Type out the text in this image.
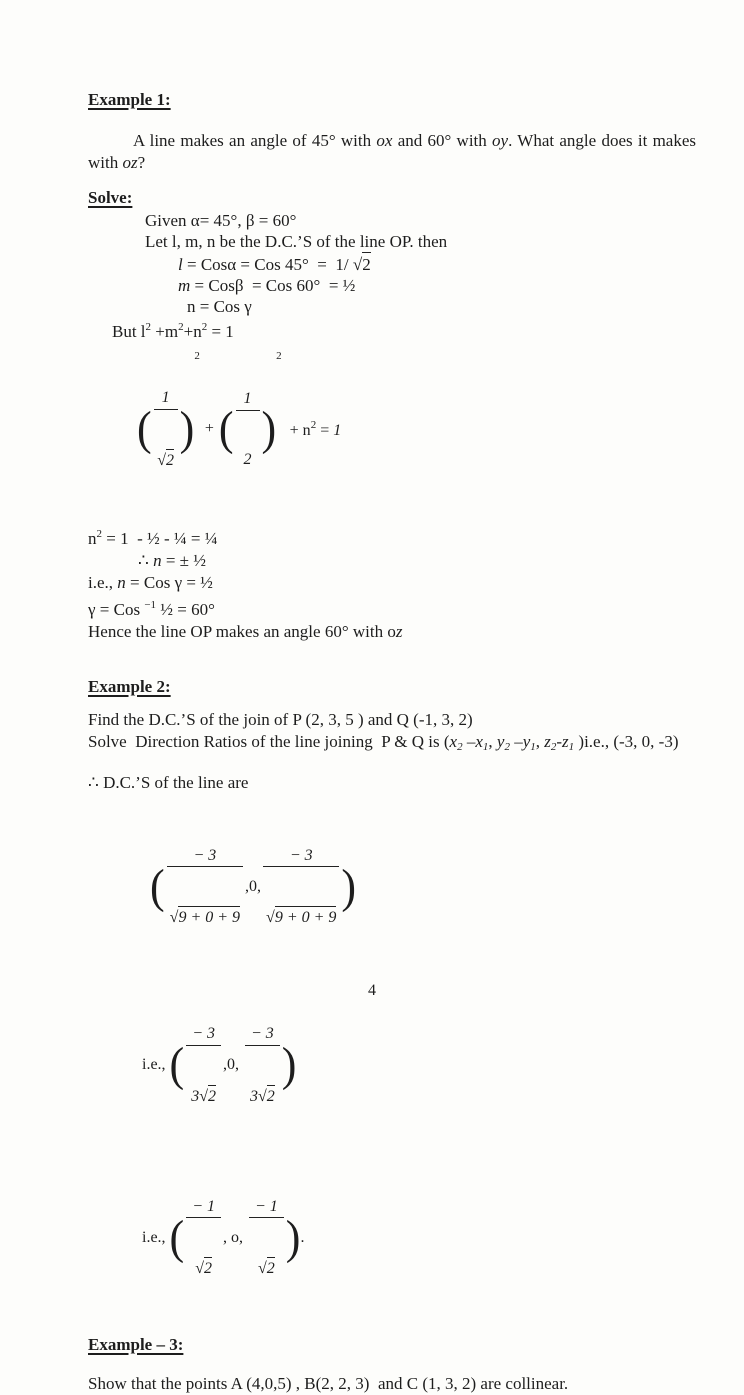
Example 1:
A line makes an angle of 45° with ox and 60° with oy. What angle does it makes
with oz?
Solve:
Given α= 45°, β = 60°
Let l, m, n be the D.C.’S of the line OP. then
l = Cosα = Cos 45°  =  1/ √2
m = Cosβ  = Cos 60°  = ½
n = Cos γ
But $l^2 +m^2+n^2 = 1$
(

$\frac{1}{√2}$

)
2
+ (

$\frac{1}{2}$

)
2
+ $n^2 = 1$
$n^2 = 1$  - ½ - ¼ = ¼
∴ n = ± ½
i.e., n = Cos γ = ½
γ = Cos $^{-1}$ ½ = 60°
Hence the line OP makes an angle 60° with oz
Example 2:
Find the D.C.’S of the join of P (2, 3, 5 ) and Q (-1, 3, 2)
Solve  Direction Ratios of the line joining  P & Q is ($x_2$ $-x_1$, $y_2$ $-y_1$, $z_2-z_1$ )i.e., (-3, 0, -3)
∴ D.C.’S of the line are
(

$\frac{- 3}{√9 + 0 + 9}$

,0,

$\frac{- 3}{√9 + 0 + 9}$

)
i.e., (

$\frac{- 3}{3√2}$

,0,

$\frac{- 3}{3√2}$

)
i.e., (

$\frac{- 1}{√2}$

, o,

$\frac{- 1}{√2}$

) .
Example – 3:
Show that the points A (4,0,5) , B(2, 2, 3)  and C (1, 3, 2) are collinear.
4
